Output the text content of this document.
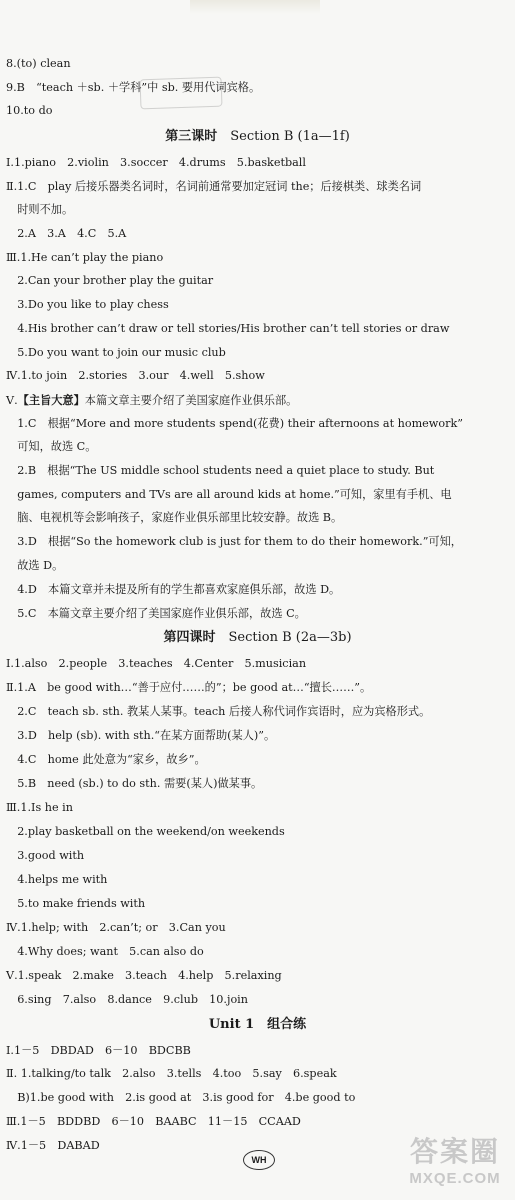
8.(to) clean
9.B　“teach ＋sb. ＋学科”中 sb. 要用代词宾格。
10.to do
Ⅰ.1.piano　2.violin　3.soccer　4.drums　5.basketball
Ⅱ.1.C　play 后接乐器类名词时，名词前通常要加定冠词 the；后接棋类、球类名词
　时则不加。
　2.A　3.A　4.C　5.A
Ⅲ.1.He can’t play the piano
　2.Can your brother play the guitar
　3.Do you like to play chess
　4.His brother can’t draw or tell stories/His brother can’t tell stories or draw
　5.Do you want to join our music club
Ⅳ.1.to join　2.stories　3.our　4.well　5.show
Ⅴ.【主旨大意】本篇文章主要介绍了美国家庭作业俱乐部。
　1.C　根据“More and more students spend(花费) their afternoons at homework”
　可知，故选 C。
　2.B　根据“The US middle school students need a quiet place to study. But
　games, computers and TVs are all around kids at home.”可知，家里有手机、电
　脑、电视机等会影响孩子，家庭作业俱乐部里比较安静。故选 B。
　3.D　根据“So the homework club is just for them to do their homework.”可知，
　故选 D。
　4.D　本篇文章并未提及所有的学生都喜欢家庭俱乐部，故选 D。
　5.C　本篇文章主要介绍了美国家庭作业俱乐部，故选 C。
Ⅰ.1.also　2.people　3.teaches　4.Center　5.musician
Ⅱ.1.A　be good with…“善于应付……的”；be good at…“擅长……”。
　2.C　teach sb. sth. 教某人某事。teach 后接人称代词作宾语时，应为宾格形式。
　3.D　help (sb). with sth.“在某方面帮助(某人)”。
　4.C　home 此处意为“家乡，故乡”。
　5.B　need (sb.) to do sth. 需要(某人)做某事。
Ⅲ.1.Is he in
　2.play basketball on the weekend/on weekends
　3.good with
　4.helps me with
　5.to make friends with
Ⅳ.1.help; with　2.can’t; or　3.Can you
　4.Why does; want　5.can also do
Ⅴ.1.speak　2.make　3.teach　4.help　5.relaxing
　6.sing　7.also　8.dance　9.club　10.join
Ⅰ.1－5　DBDAD　6－10　BDCBB
Ⅱ. 1.talking/to talk　2.also　3.tells　4.too　5.say　6.speak
　B)1.be good with　2.is good at　3.is good for　4.be good to
Ⅲ.1－5　BDDBD　6－10　BAABC　11－15　CCAAD
Ⅳ.1－5　DABAD
第三课时　 Section B (1a—1f)
第四课时　 Section B (2a—3b)
Unit 1　组合练
WH	答案圈
MXQE.COM
